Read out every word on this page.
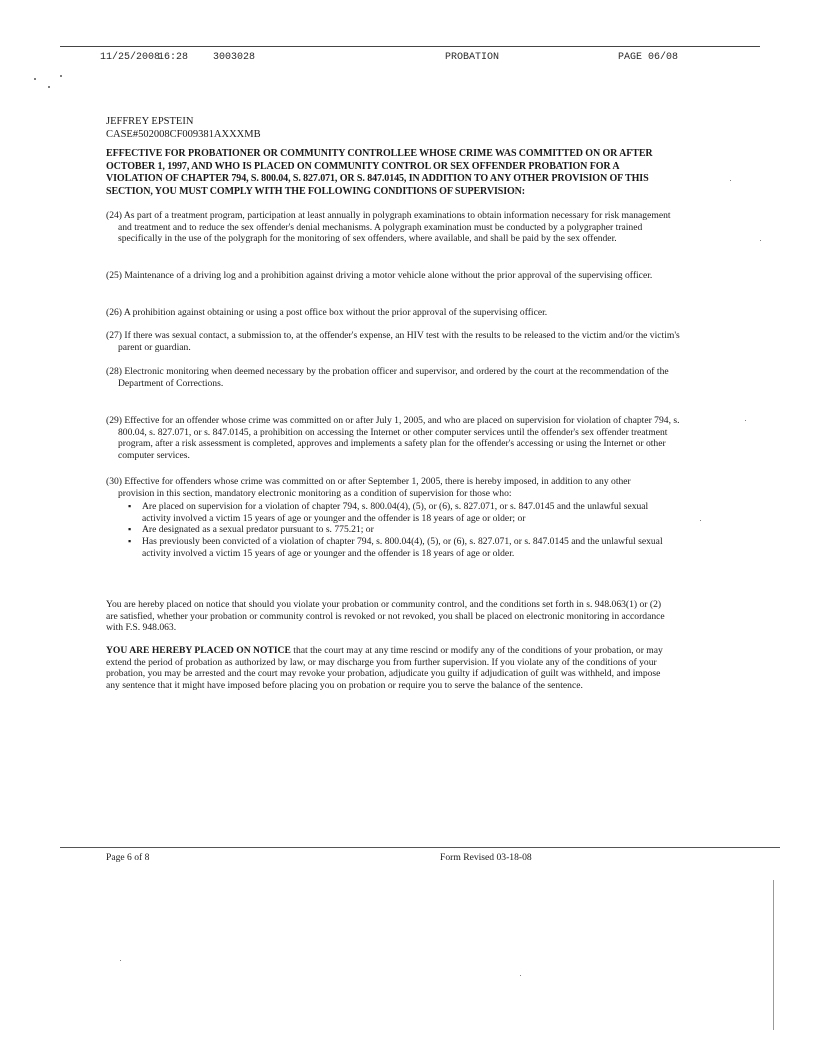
11/25/2008
16:28 3003028	PROBATION	PAGE 06/08
JEFFREY EPSTEIN
CASE#502008CF009381AXXXMB
EFFECTIVE FOR PROBATIONER OR COMMUNITY CONTROLLEE WHOSE CRIME WAS COMMITTED ON OR AFTER OCTOBER 1, 1997, AND WHO IS PLACED ON COMMUNITY CONTROL OR SEX OFFENDER PROBATION FOR A VIOLATION OF CHAPTER 794, S. 800.04, S. 827.071, OR S. 847.0145, IN ADDITION TO ANY OTHER PROVISION OF THIS SECTION, YOU MUST COMPLY WITH THE FOLLOWING CONDITIONS OF SUPERVISION:
(24) As part of a treatment program, participation at least annually in polygraph examinations to obtain information necessary for risk management and treatment and to reduce the sex offender's denial mechanisms. A polygraph examination must be conducted by a polygrapher trained specifically in the use of the polygraph for the monitoring of sex offenders, where available, and shall be paid by the sex offender.
(25) Maintenance of a driving log and a prohibition against driving a motor vehicle alone without the prior approval of the supervising officer.
(26) A prohibition against obtaining or using a post office box without the prior approval of the supervising officer.
(27) If there was sexual contact, a submission to, at the offender's expense, an HIV test with the results to be released to the victim and/or the victim's parent or guardian.
(28) Electronic monitoring when deemed necessary by the probation officer and supervisor, and ordered by the court at the recommendation of the Department of Corrections.
(29) Effective for an offender whose crime was committed on or after July 1, 2005, and who are placed on supervision for violation of chapter 794, s. 800.04, s. 827.071, or s. 847.0145, a prohibition on accessing the Internet or other computer services until the offender's sex offender treatment program, after a risk assessment is completed, approves and implements a safety plan for the offender's accessing or using the Internet or other computer services.
(30) Effective for offenders whose crime was committed on or after September 1, 2005, there is hereby imposed, in addition to any other provision in this section, mandatory electronic monitoring as a condition of supervision for those who:
▪ Are placed on supervision for a violation of chapter 794, s. 800.04(4), (5), or (6), s. 827.071, or s. 847.0145 and the unlawful sexual activity involved a victim 15 years of age or younger and the offender is 18 years of age or older; or
▪ Are designated as a sexual predator pursuant to s. 775.21; or
▪ Has previously been convicted of a violation of chapter 794, s. 800.04(4), (5), or (6), s. 827.071, or s. 847.0145 and the unlawful sexual activity involved a victim 15 years of age or younger and the offender is 18 years of age or older.
You are hereby placed on notice that should you violate your probation or community control, and the conditions set forth in s. 948.063(1) or (2) are satisfied, whether your probation or community control is revoked or not revoked, you shall be placed on electronic monitoring in accordance with F.S. 948.063.
YOU ARE HEREBY PLACED ON NOTICE that the court may at any time rescind or modify any of the conditions of your probation, or may extend the period of probation as authorized by law, or may discharge you from further supervision. If you violate any of the conditions of your probation, you may be arrested and the court may revoke your probation, adjudicate you guilty if adjudication of guilt was withheld, and impose any sentence that it might have imposed before placing you on probation or require you to serve the balance of the sentence.
Page 6 of 8	Form Revised 03-18-08
